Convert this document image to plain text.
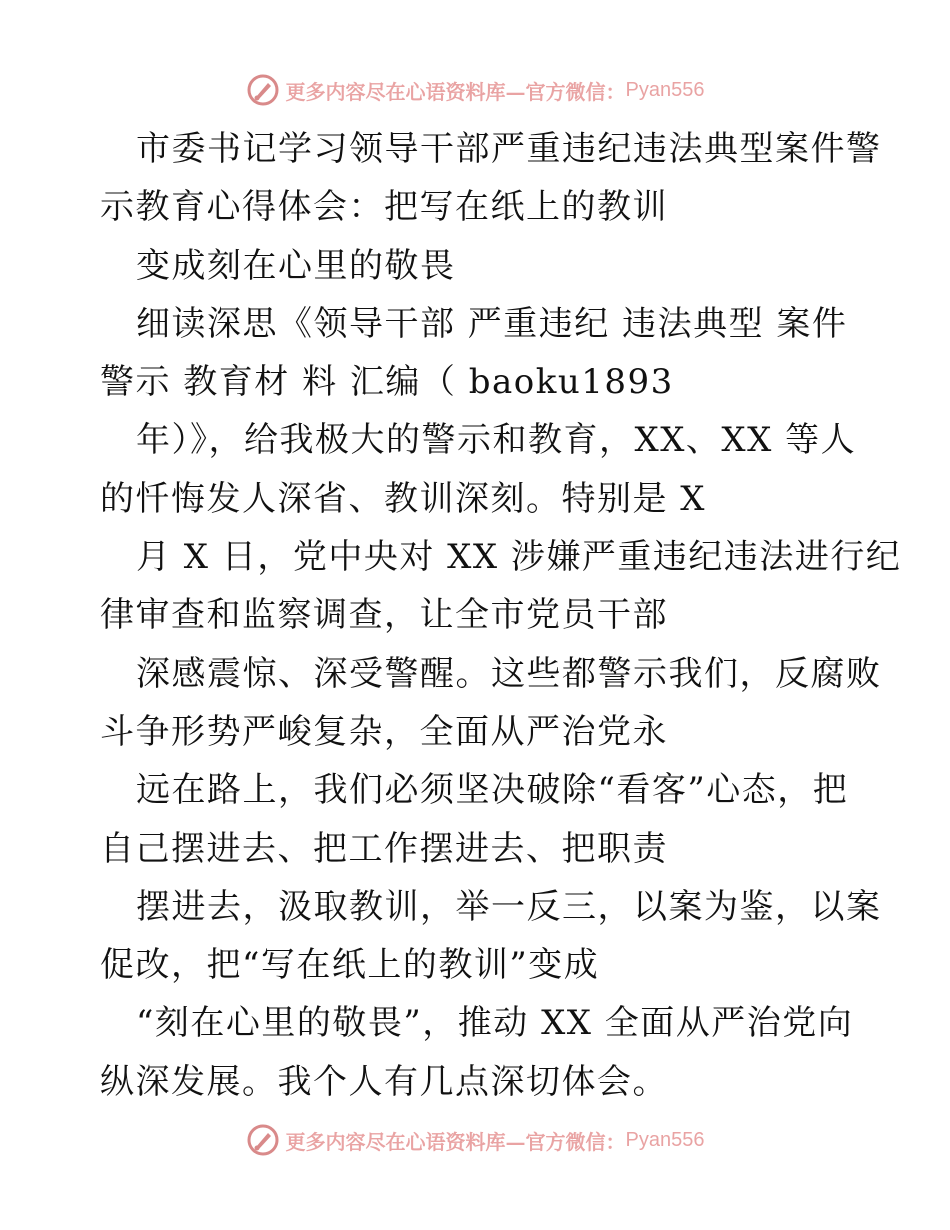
更多内容尽在心语资料库—官方微信： Pyan556
市委书记学习领导干部严重违纪违法典型案件警
示教育心得体会：把写在纸上的教训
变成刻在心里的敬畏
细读深思《领导干部 严重违纪 违法典型 案件
警示 教育材 料 汇编（ baoku1893
年）》，给我极大的警示和教育，XX、XX 等人
的忏悔发人深省、教训深刻。特别是 X
月 X 日，党中央对 XX 涉嫌严重违纪违法进行纪
律审查和监察调查，让全市党员干部
深感震惊、深受警醒。这些都警示我们，反腐败
斗争形势严峻复杂，全面从严治党永
远在路上，我们必须坚决破除“看客”心态，把
自己摆进去、把工作摆进去、把职责
摆进去，汲取教训，举一反三，以案为鉴，以案
促改，把“写在纸上的教训”变成
“刻在心里的敬畏”，推动 XX 全面从严治党向
纵深发展。我个人有几点深切体会。
更多内容尽在心语资料库—官方微信： Pyan556
